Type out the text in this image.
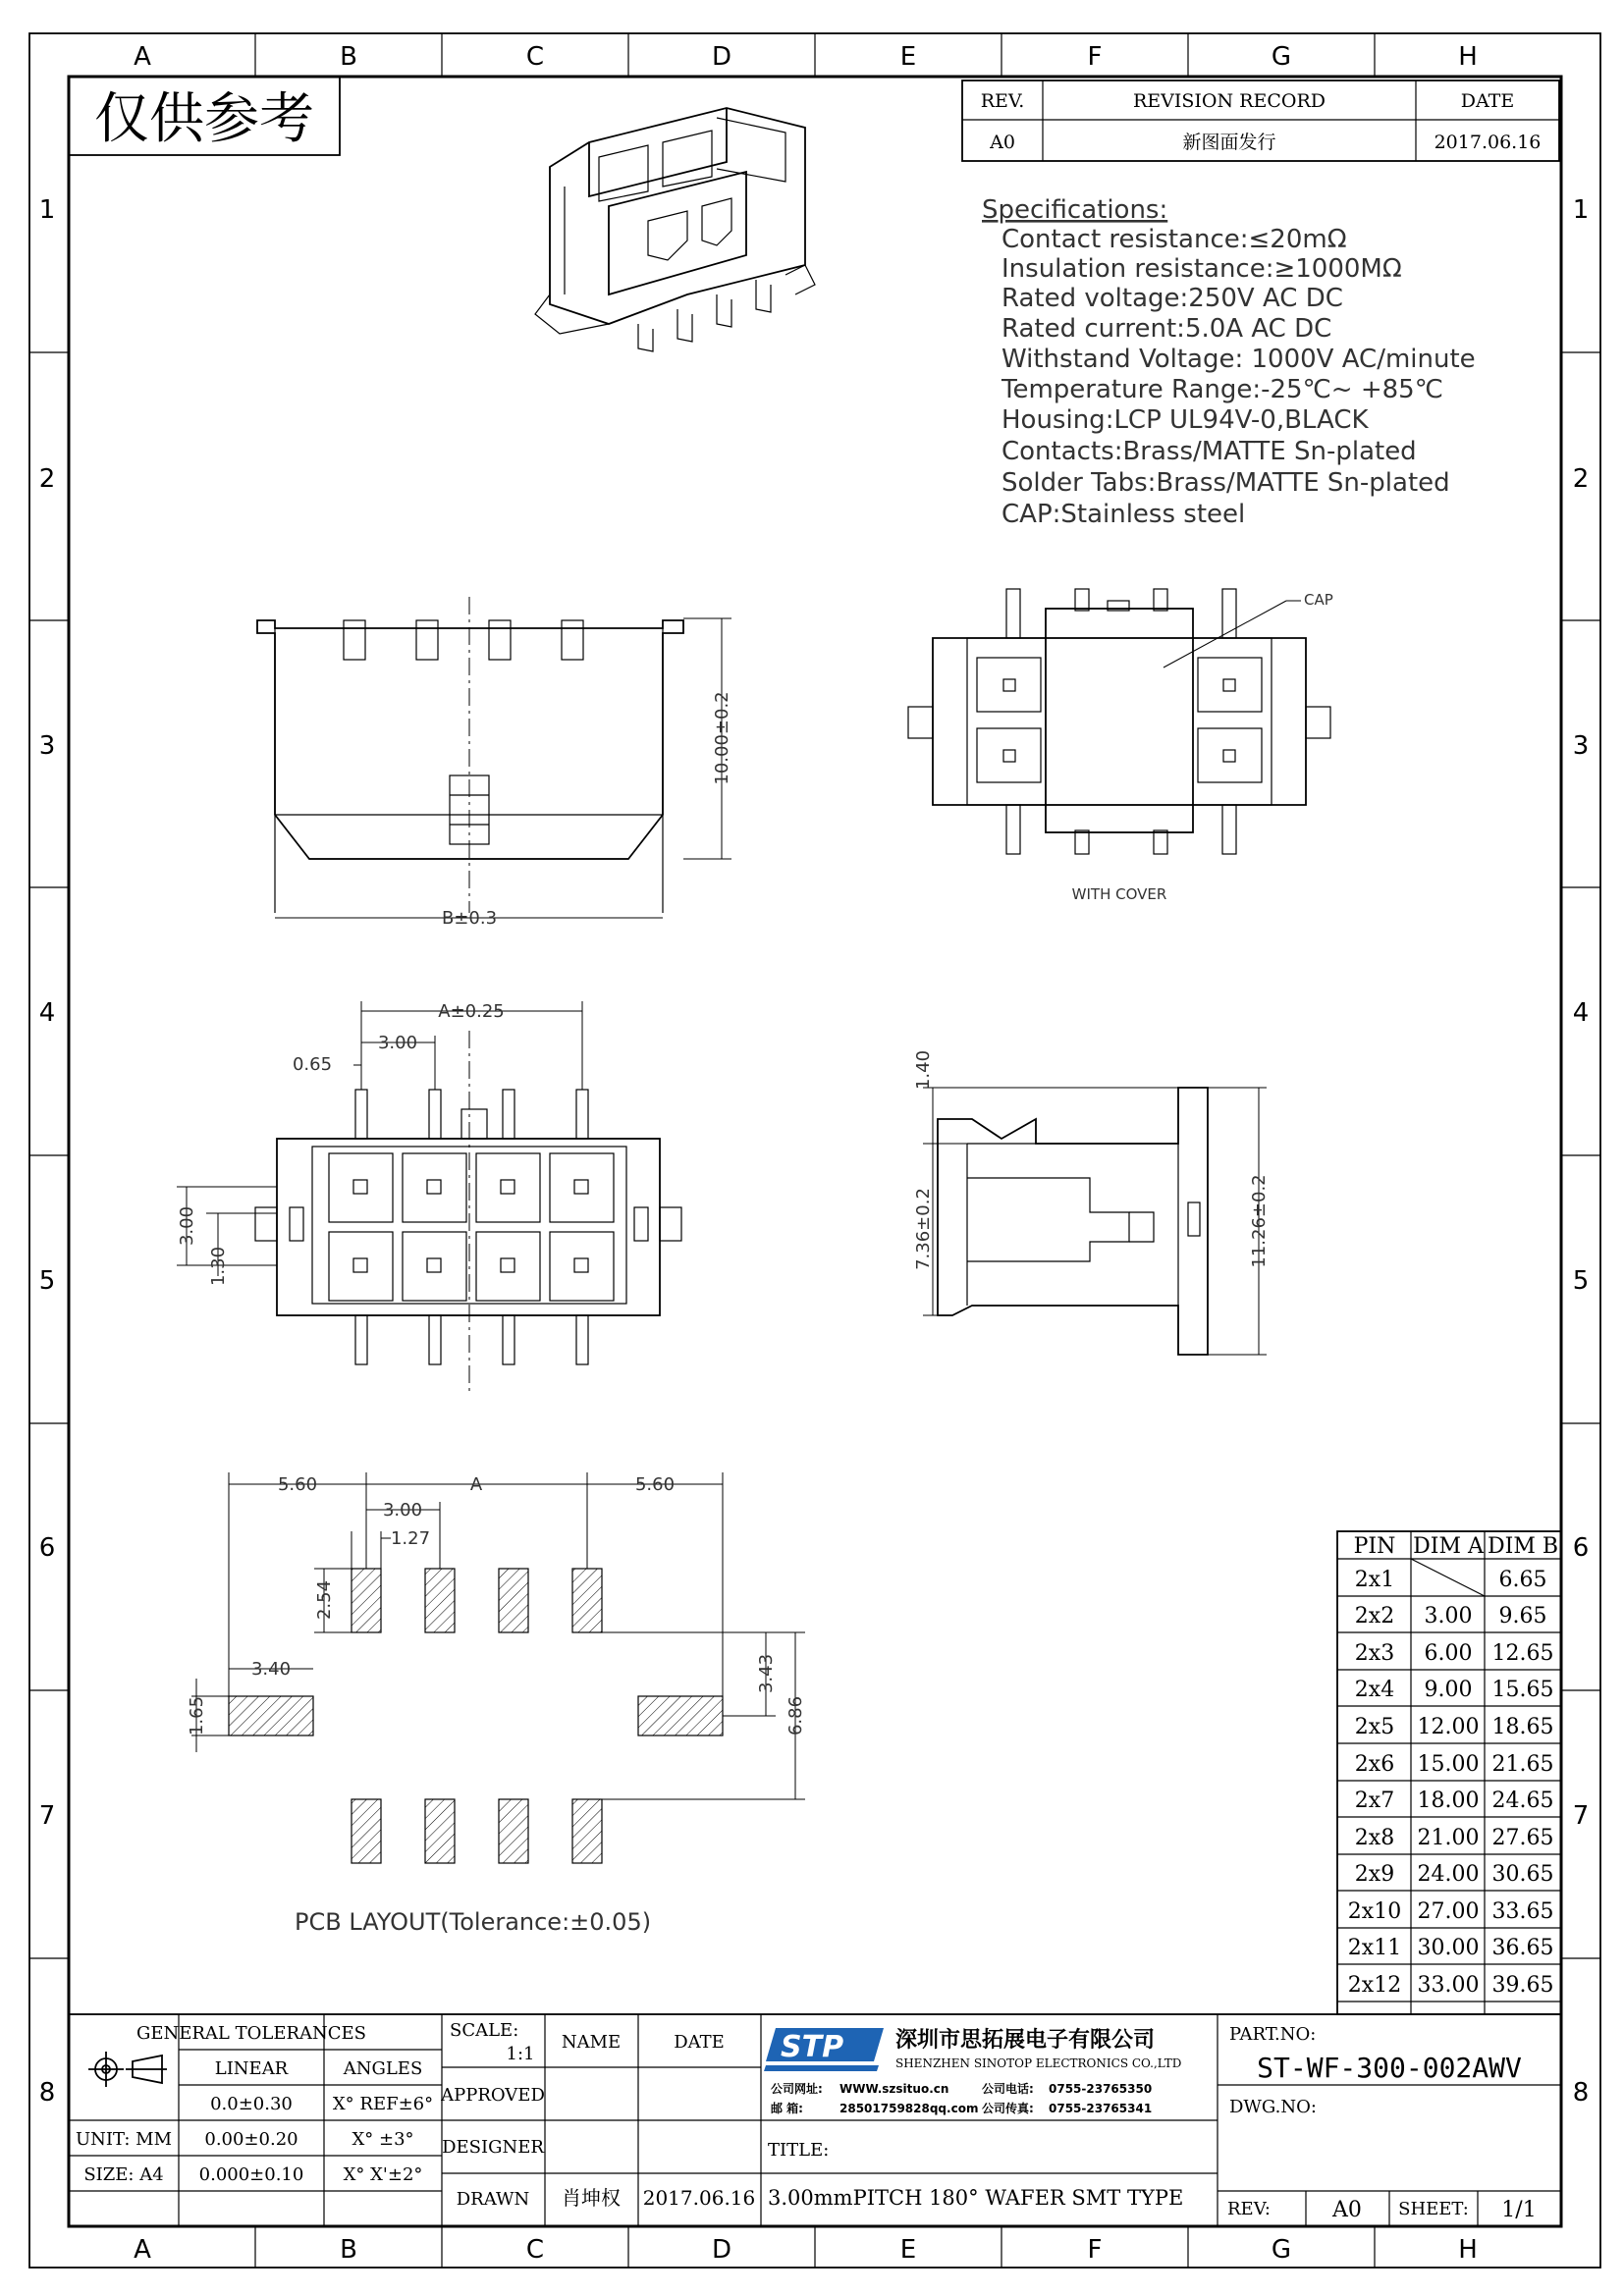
A	B	C	D	E	F	G	H
A	B	C	D	E	F	G	H
1
2
3
4
5
6
7
8
1
2
3
4
5
6
7
8
仅供参考	REV.	REVISION RECORD	DATE
A0	新图面发行	2017.06.16
Specifications:
Contact resistance:≤20mΩ
Insulation resistance:≥1000MΩ
Rated voltage:250V AC DC
Rated current:5.0A AC DC
Withstand Voltage: 1000V AC/minute
Temperature Range:-25℃~ +85℃
Housing:LCP UL94V-0,BLACK
Contacts:Brass/MATTE Sn-plated
Solder Tabs:Brass/MATTE Sn-plated
CAP:Stainless steel
10.00±0.2
B±0.3
CAP
WITH COVER
A±0.25
3.00
0.65
3.00
1.30
1.40
7.36±0.2	11.26±0.2
5.60	A	5.60
3.00
1.27
2.54
3.40
1.65
3.43
6.86
PCB LAYOUT(Tolerance:±0.05)
PIN DIM A DIM B
2x1	6.65
2x2 3.00 9.65
2x3 6.00 12.65
2x4 9.00 15.65
2x5 12.00 18.65
2x6 15.00 21.65
2x7 18.00 24.65
2x8 21.00 27.65
2x9 24.00 30.65
2x10 27.00 33.65
2x11 30.00 36.65
2x12 33.00 39.65
GENERAL TOLERANCES
LINEAR	ANGLES
0.0±0.30 X° REF±6°
UNIT: MM 0.00±0.20	X° ±3°
SIZE: A4 0.000±0.10 X° X'±2°
SCALE:
1:1
NAME	DATE
APPROVED
DESIGNER
DRAWN 肖坤权 2017.06.16
STP 深圳市思拓展电子有限公司
SHENZHEN SINOTOP ELECTRONICS CO.,LTD
公司网址: WWW.szsituo.cn	公司电话: 0755-23765350
邮 箱:	28501759828qq.com 公司传真: 0755-23765341
TITLE:
3.00mmPITCH 180° WAFER SMT TYPE
PART.NO:
ST-WF-300-002AWV
DWG.NO:
REV:	A0 SHEET: 1/1
